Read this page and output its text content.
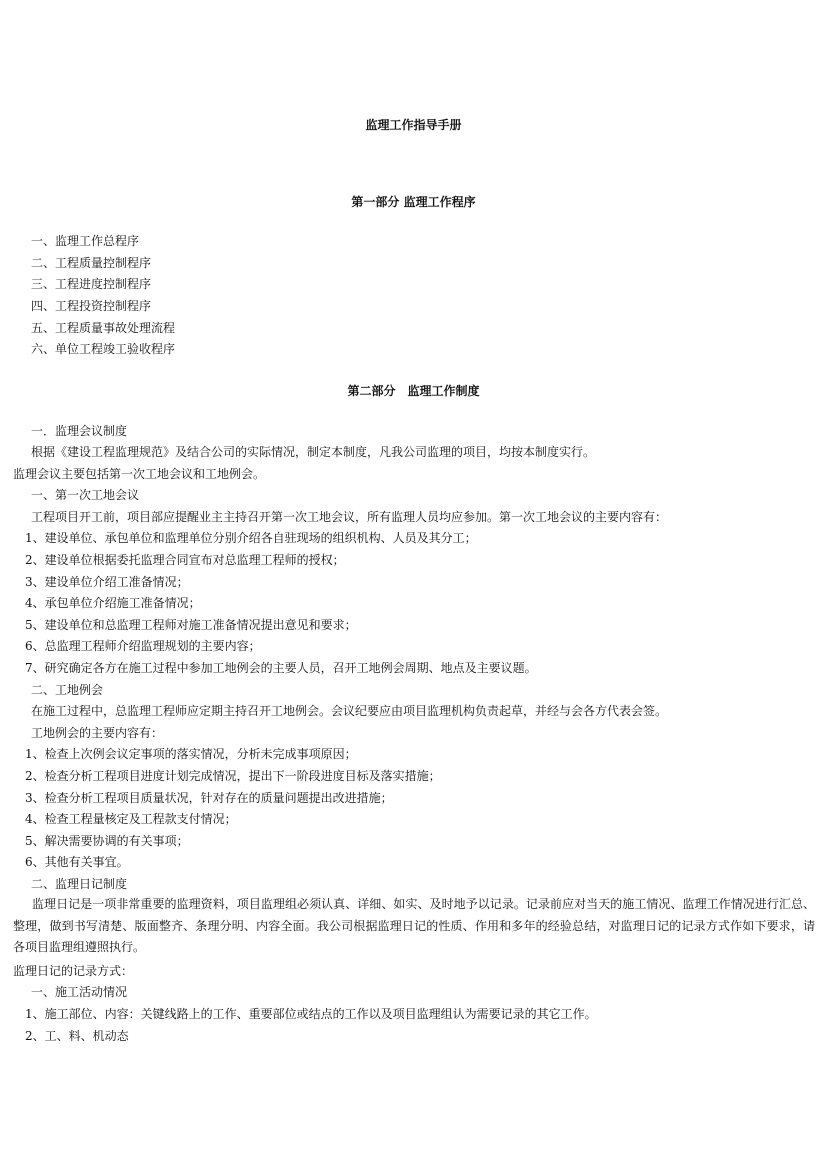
监理工作指导手册
第一部分 监理工作程序
一、监理工作总程序
二、工程质量控制程序
三、工程进度控制程序
四、工程投资控制程序
五、工程质量事故处理流程
六、单位工程竣工验收程序
第二部分　监理工作制度
一．监理会议制度
根据《建设工程监理规范》及结合公司的实际情况，制定本制度，凡我公司监理的项目，均按本制度实行。
监理会议主要包括第一次工地会议和工地例会。
一、第一次工地会议
工程项目开工前，项目部应提醒业主主持召开第一次工地会议，所有监理人员均应参加。第一次工地会议的主要内容有：
1、建设单位、承包单位和监理单位分别介绍各自驻现场的组织机构、人员及其分工；
2、建设单位根据委托监理合同宣布对总监理工程师的授权；
3、建设单位介绍工准备情况；
4、承包单位介绍施工准备情况；
5、建设单位和总监理工程师对施工准备情况提出意见和要求；
6、总监理工程师介绍监理规划的主要内容；
7、研究确定各方在施工过程中参加工地例会的主要人员，召开工地例会周期、地点及主要议题。
二、工地例会
在施工过程中，总监理工程师应定期主持召开工地例会。会议纪要应由项目监理机构负责起草，并经与会各方代表会签。
工地例会的主要内容有：
1、检查上次例会议定事项的落实情况，分析未完成事项原因；
2、检查分析工程项目进度计划完成情况，提出下一阶段进度目标及落实措施；
3、检查分析工程项目质量状况，针对存在的质量问题提出改进措施；
4、检查工程量核定及工程款支付情况；
5、解决需要协调的有关事项；
6、其他有关事宜。
二、监理日记制度
监理日记是一项非常重要的监理资料，项目监理组必须认真、详细、如实、及时地予以记录。记录前应对当天的施工情况、监理工作情况进行汇总、整理，做到书写清楚、版面整齐、条理分明、内容全面。我公司根据监理日记的性质、作用和多年的经验总结，对监理日记的记录方式作如下要求，请各项目监理组遵照执行。
监理日记的记录方式：
一、施工活动情况
1、施工部位、内容：关键线路上的工作、重要部位或结点的工作以及项目监理组认为需要记录的其它工作。
2、工、料、机动态
